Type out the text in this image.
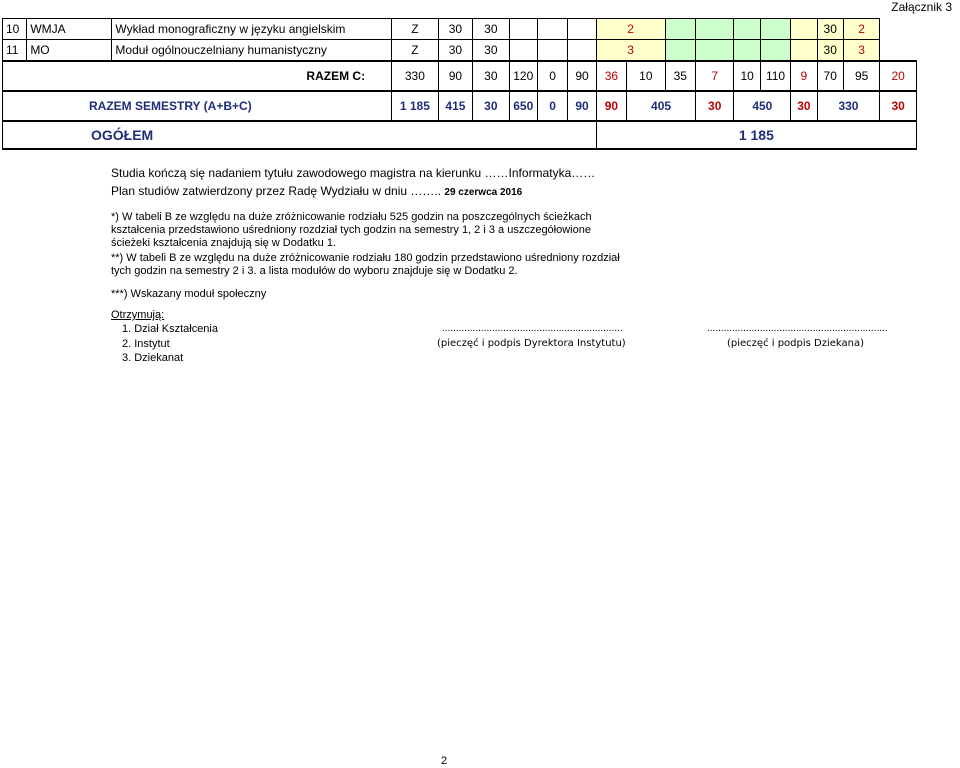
Załącznik 3
10	WMJA	Wykład monograficzny w języku angielskim	Z	30	30				2							30	2	
11	MO	Moduł ogólnouczelniany humanistyczny	Z	30	30				3							30	3	
RAZEM C:			330	90	30	120	0	90	36	10	35	7	10	110	9	70	95	20
RAZEM SEMESTRY (A+B+C)			1 185	415	30	650	0	90	90	405		30	450		30	330		30
OGÓŁEM									1 185									
Studia kończą się nadaniem tytułu zawodowego magistra na kierunku ……Informatyka……
Plan studiów zatwierdzony przez Radę Wydziału w dniu …….. 29 czerwca 2016
*) W tabeli B ze względu na duże zróżnicowanie rodziału 525 godzin na poszczególnych ścieżkach kształcenia przedstawiono uśredniony rozdział tych godzin na semestry 1, 2 i 3 a uszczegółowione ścieżeki kształcenia znajdują się w Dodatku 1.
**) W tabeli B ze względu na duże zróżnicowanie rodziału 180 godzin przedstawiono uśredniony rozdział tych godzin na semestry 2 i 3. a lista modułów do wyboru znajduje się w Dodatku 2.
***) Wskazany moduł społeczny
Otrzymują:
1. Dział Kształcenia
2. Instytut
3. Dziekanat
.................................................................	.................................................................
(pieczęć i podpis Dyrektora Instytutu)	(pieczęć i podpis Dziekana)
2
